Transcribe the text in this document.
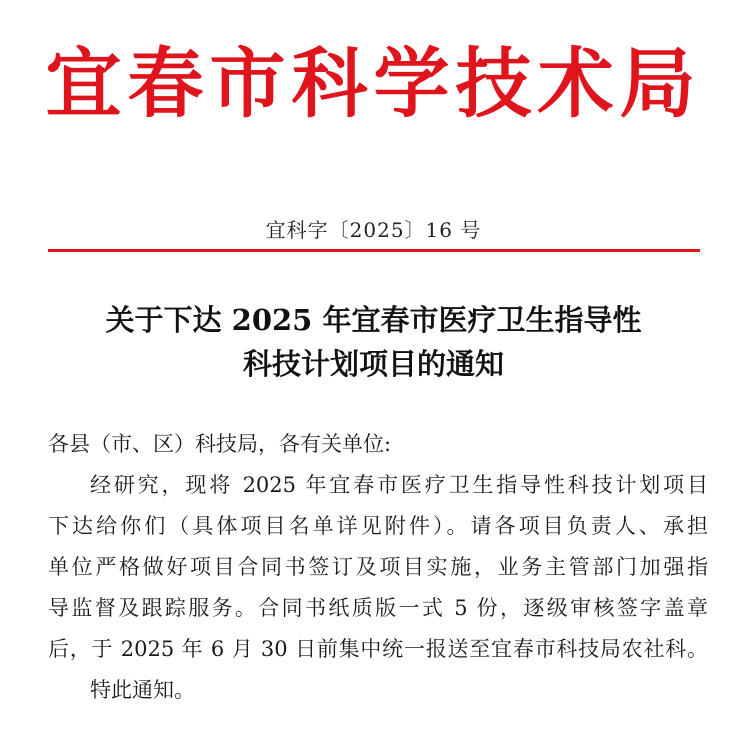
宜春市科学技术局
宜科字〔2025〕16 号
关于下达 2025 年宜春市医疗卫生指导性
科技计划项目的通知
各县（市、区）科技局，各有关单位:
经研究，现将 2025 年宜春市医疗卫生指导性科技计划项目
下达给你们（具体项目名单详见附件）。请各项目负责人、承担
单位严格做好项目合同书签订及项目实施，业务主管部门加强指
导监督及跟踪服务。合同书纸质版一式 5 份，逐级审核签字盖章
后，于 2025 年 6 月 30 日前集中统一报送至宜春市科技局农社科。
特此通知。
